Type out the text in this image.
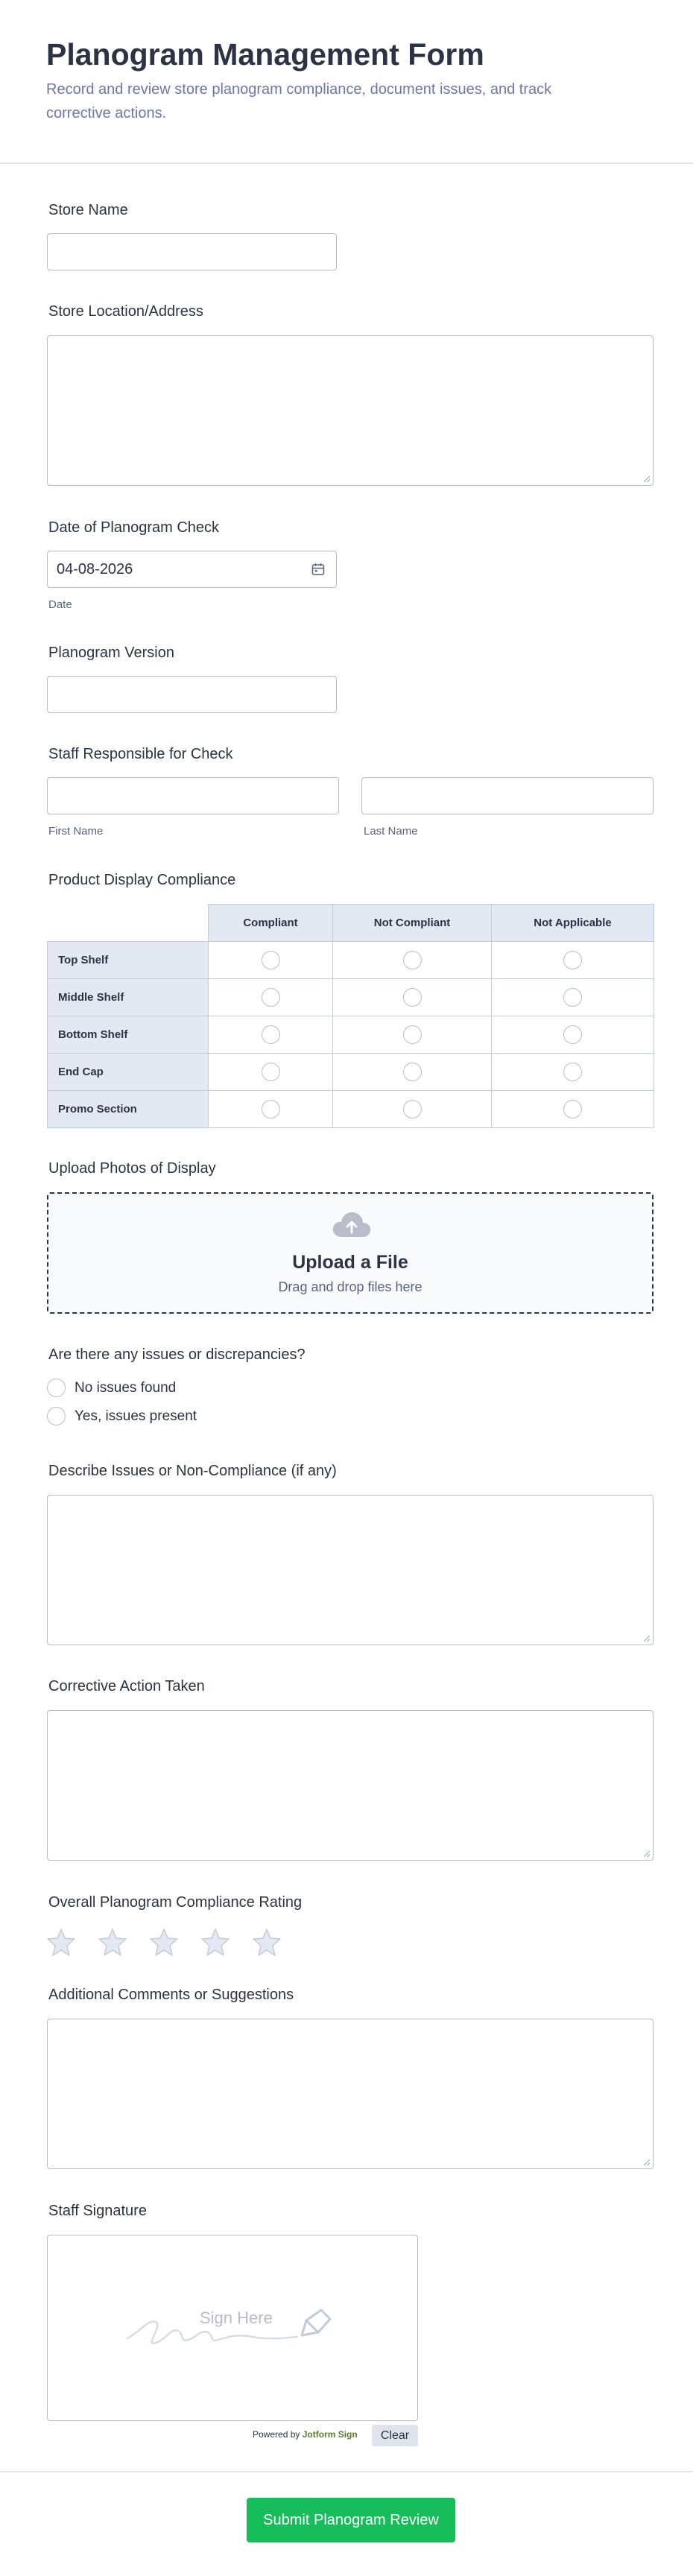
Planogram Management Form
Record and review store planogram compliance, document issues, and track corrective actions.
Store Name
Store Location/Address
Date of Planogram Check
04-08-2026
Date
Planogram Version
Staff Responsible for Check
First Name	Last Name
Product Display Compliance
	Compliant	Not Compliant	Not Applicable
Top Shelf			
Middle Shelf			
Bottom Shelf			
End Cap			
Promo Section			
Upload Photos of Display
Upload a File
Drag and drop files here
Are there any issues or discrepancies?
No issues found
Yes, issues present
Describe Issues or Non-Compliance (if any)
Corrective Action Taken
Overall Planogram Compliance Rating
Additional Comments or Suggestions
Staff Signature
Sign Here
Powered by Jotform Sign	Clear
Submit Planogram Review
